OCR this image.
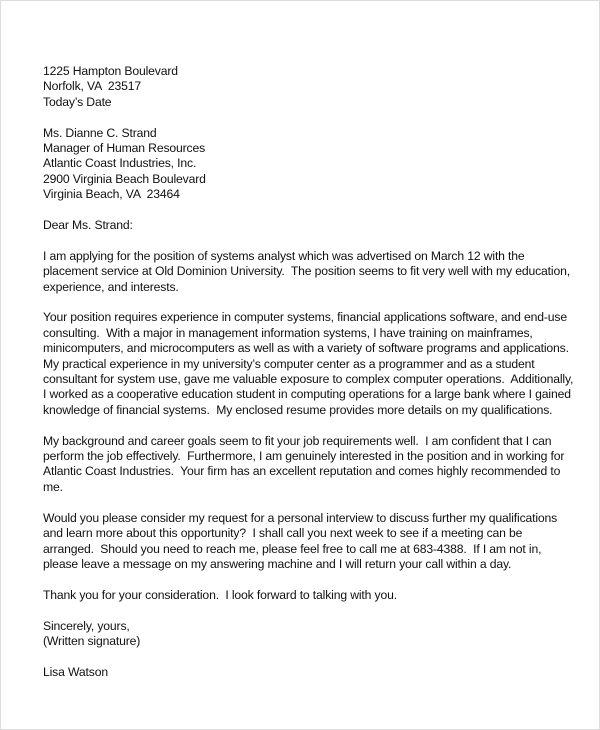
1225 Hampton Boulevard
Norfolk, VA  23517
Today’s Date
Ms. Dianne C. Strand
Manager of Human Resources
Atlantic Coast Industries, Inc.
2900 Virginia Beach Boulevard
Virginia Beach, VA  23464
Dear Ms. Strand:
I am applying for the position of systems analyst which was advertised on March 12 with the
placement service at Old Dominion University.  The position seems to fit very well with my education,
experience, and interests.
Your position requires experience in computer systems, financial applications software, and end-use
consulting.  With a major in management information systems, I have training on mainframes,
minicomputers, and microcomputers as well as with a variety of software programs and applications.
My practical experience in my university’s computer center as a programmer and as a student
consultant for system use, gave me valuable exposure to complex computer operations.  Additionally,
I worked as a cooperative education student in computing operations for a large bank where I gained
knowledge of financial systems.  My enclosed resume provides more details on my qualifications.
My background and career goals seem to fit your job requirements well.  I am confident that I can
perform the job effectively.  Furthermore, I am genuinely interested in the position and in working for
Atlantic Coast Industries.  Your firm has an excellent reputation and comes highly recommended to
me.
Would you please consider my request for a personal interview to discuss further my qualifications
and learn more about this opportunity?  I shall call you next week to see if a meeting can be
arranged.  Should you need to reach me, please feel free to call me at 683-4388.  If I am not in,
please leave a message on my answering machine and I will return your call within a day.
Thank you for your consideration.  I look forward to talking with you.
Sincerely, yours,
(Written signature)
Lisa Watson
